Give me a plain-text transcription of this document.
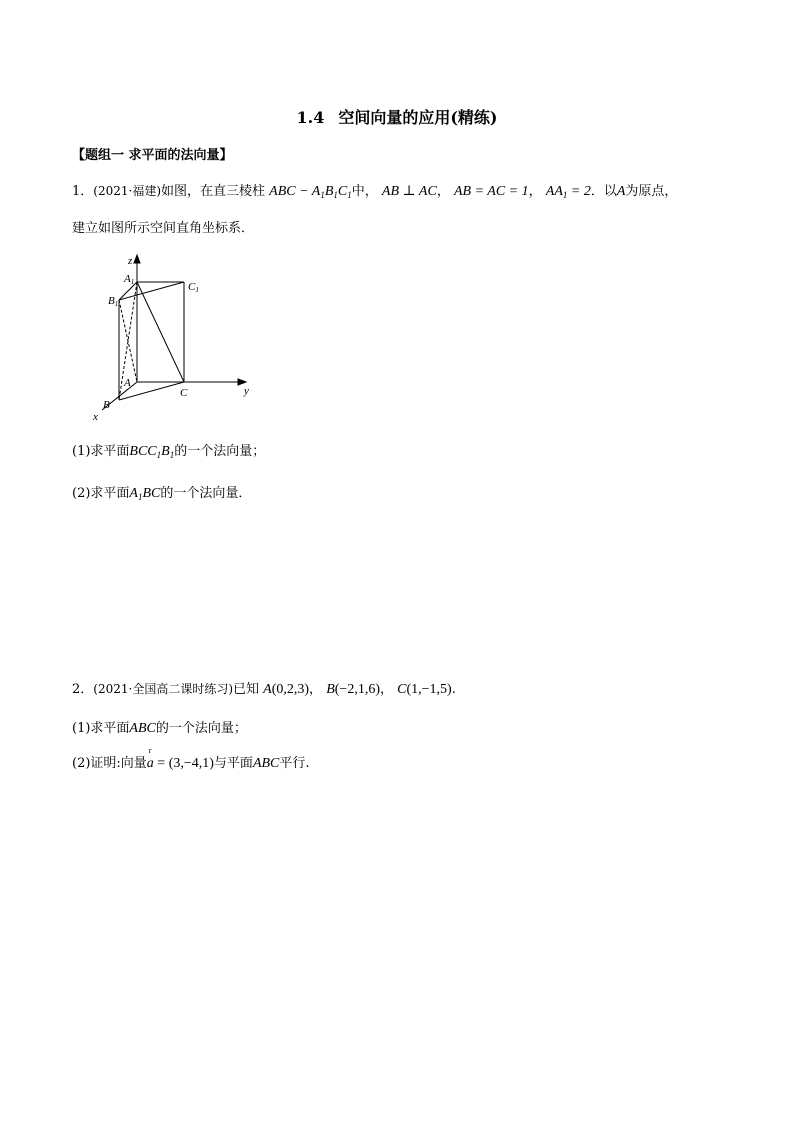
1.4 空间向量的应用(精练)
【题组一 求平面的法向量】
1．(2021·福建)如图，在直三棱柱 ABC − $A_1B_1C_1$中， AB ⊥ AC， AB = AC = 1， $AA_1 = 2$．以A为原点，
建立如图所示空间直角坐标系．
z
y
x
A1
B1
C1
A
B
C
(1)求平面$BCC_1B_1$的一个法向量；
(2)求平面$A_1BC$的一个法向量．
2．(2021·全国高二课时练习)已知 A(0,2,3)， B(−2,1,6)， C(1,−1,5).
(1)求平面ABC的一个法向量；
(2)证明:向量
r
a = (3,−4,1)与平面ABC平行.
